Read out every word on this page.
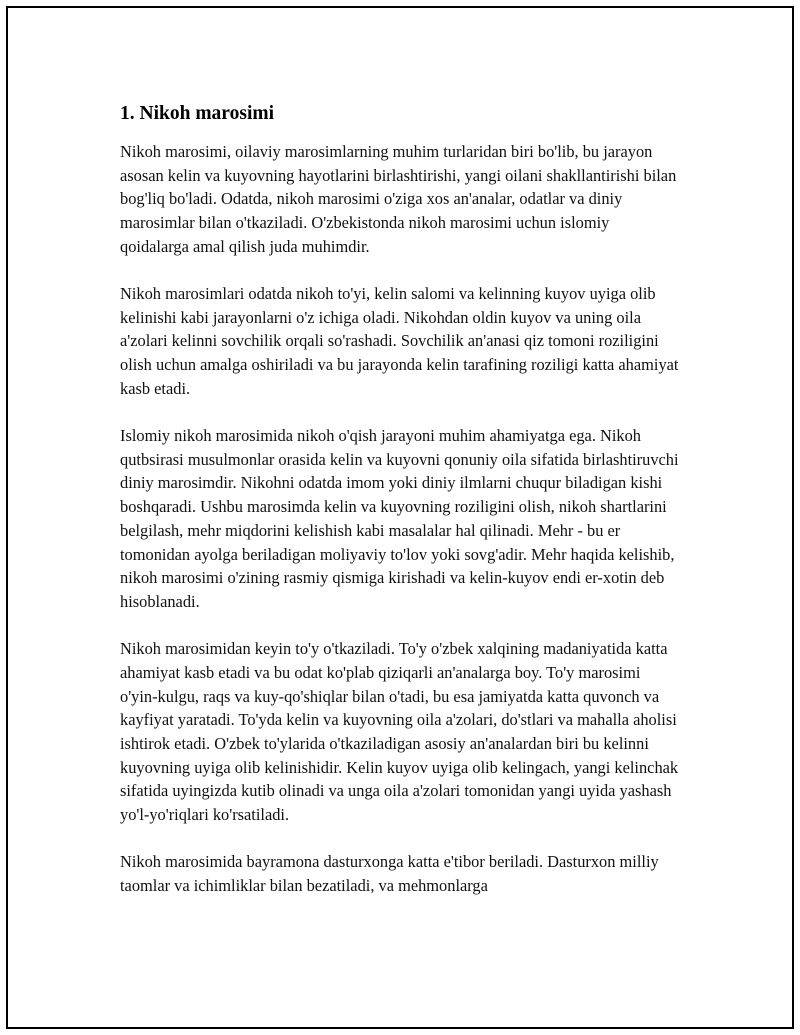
1. Nikoh marosimi

Nikoh marosimi, oilaviy marosimlarning muhim turlaridan biri bo'lib, bu jarayon asosan kelin va kuyovning hayotlarini birlashtirishi, yangi oilani shakllantirishi bilan bog'liq bo'ladi. Odatda, nikoh marosimi o'ziga xos an'analar, odatlar va diniy marosimlar bilan o'tkaziladi. O'zbekistonda nikoh marosimi uchun islomiy qoidalarga amal qilish juda muhimdir.

Nikoh marosimlari odatda nikoh to'yi, kelin salomi va kelinning kuyov uyiga olib kelinishi kabi jarayonlarni o'z ichiga oladi. Nikohdan oldin kuyov va uning oila a'zolari kelinni sovchilik orqali so'rashadi. Sovchilik an'anasi qiz tomoni roziligini olish uchun amalga oshiriladi va bu jarayonda kelin tarafining roziligi katta ahamiyat kasb etadi.

Islomiy nikoh marosimida nikoh o'qish jarayoni muhim ahamiyatga ega. Nikoh qutbsirasi musulmonlar orasida kelin va kuyovni qonuniy oila sifatida birlashtiruvchi diniy marosimdir. Nikohni odatda imom yoki diniy ilmlarni chuqur biladigan kishi boshqaradi. Ushbu marosimda kelin va kuyovning roziligini olish, nikoh shartlarini belgilash, mehr miqdorini kelishish kabi masalalar hal qilinadi. Mehr - bu er tomonidan ayolga beriladigan moliyaviy to'lov yoki sovg'adir. Mehr haqida kelishib, nikoh marosimi o'zining rasmiy qismiga kirishadi va kelin-kuyov endi er-xotin deb hisoblanadi.

Nikoh marosimidan keyin to'y o'tkaziladi. To'y o'zbek xalqining madaniyatida katta ahamiyat kasb etadi va bu odat ko'plab qiziqarli an'analarga boy. To'y marosimi o'yin-kulgu, raqs va kuy-qo'shiqlar bilan o'tadi, bu esa jamiyatda katta quvonch va kayfiyat yaratadi. To'yda kelin va kuyovning oila a'zolari, do'stlari va mahalla aholisi ishtirok etadi. O'zbek to'ylarida o'tkaziladigan asosiy an'analardan biri bu kelinni kuyovning uyiga olib kelinishidir. Kelin kuyov uyiga olib kelingach, yangi kelinchak sifatida uyingizda kutib olinadi va unga oila a'zolari tomonidan yangi uyida yashash yo'l-yo'riqlari ko'rsatiladi.

Nikoh marosimida bayramona dasturxonga katta e'tibor beriladi. Dasturxon milliy taomlar va ichimliklar bilan bezatiladi, va mehmonlarga
